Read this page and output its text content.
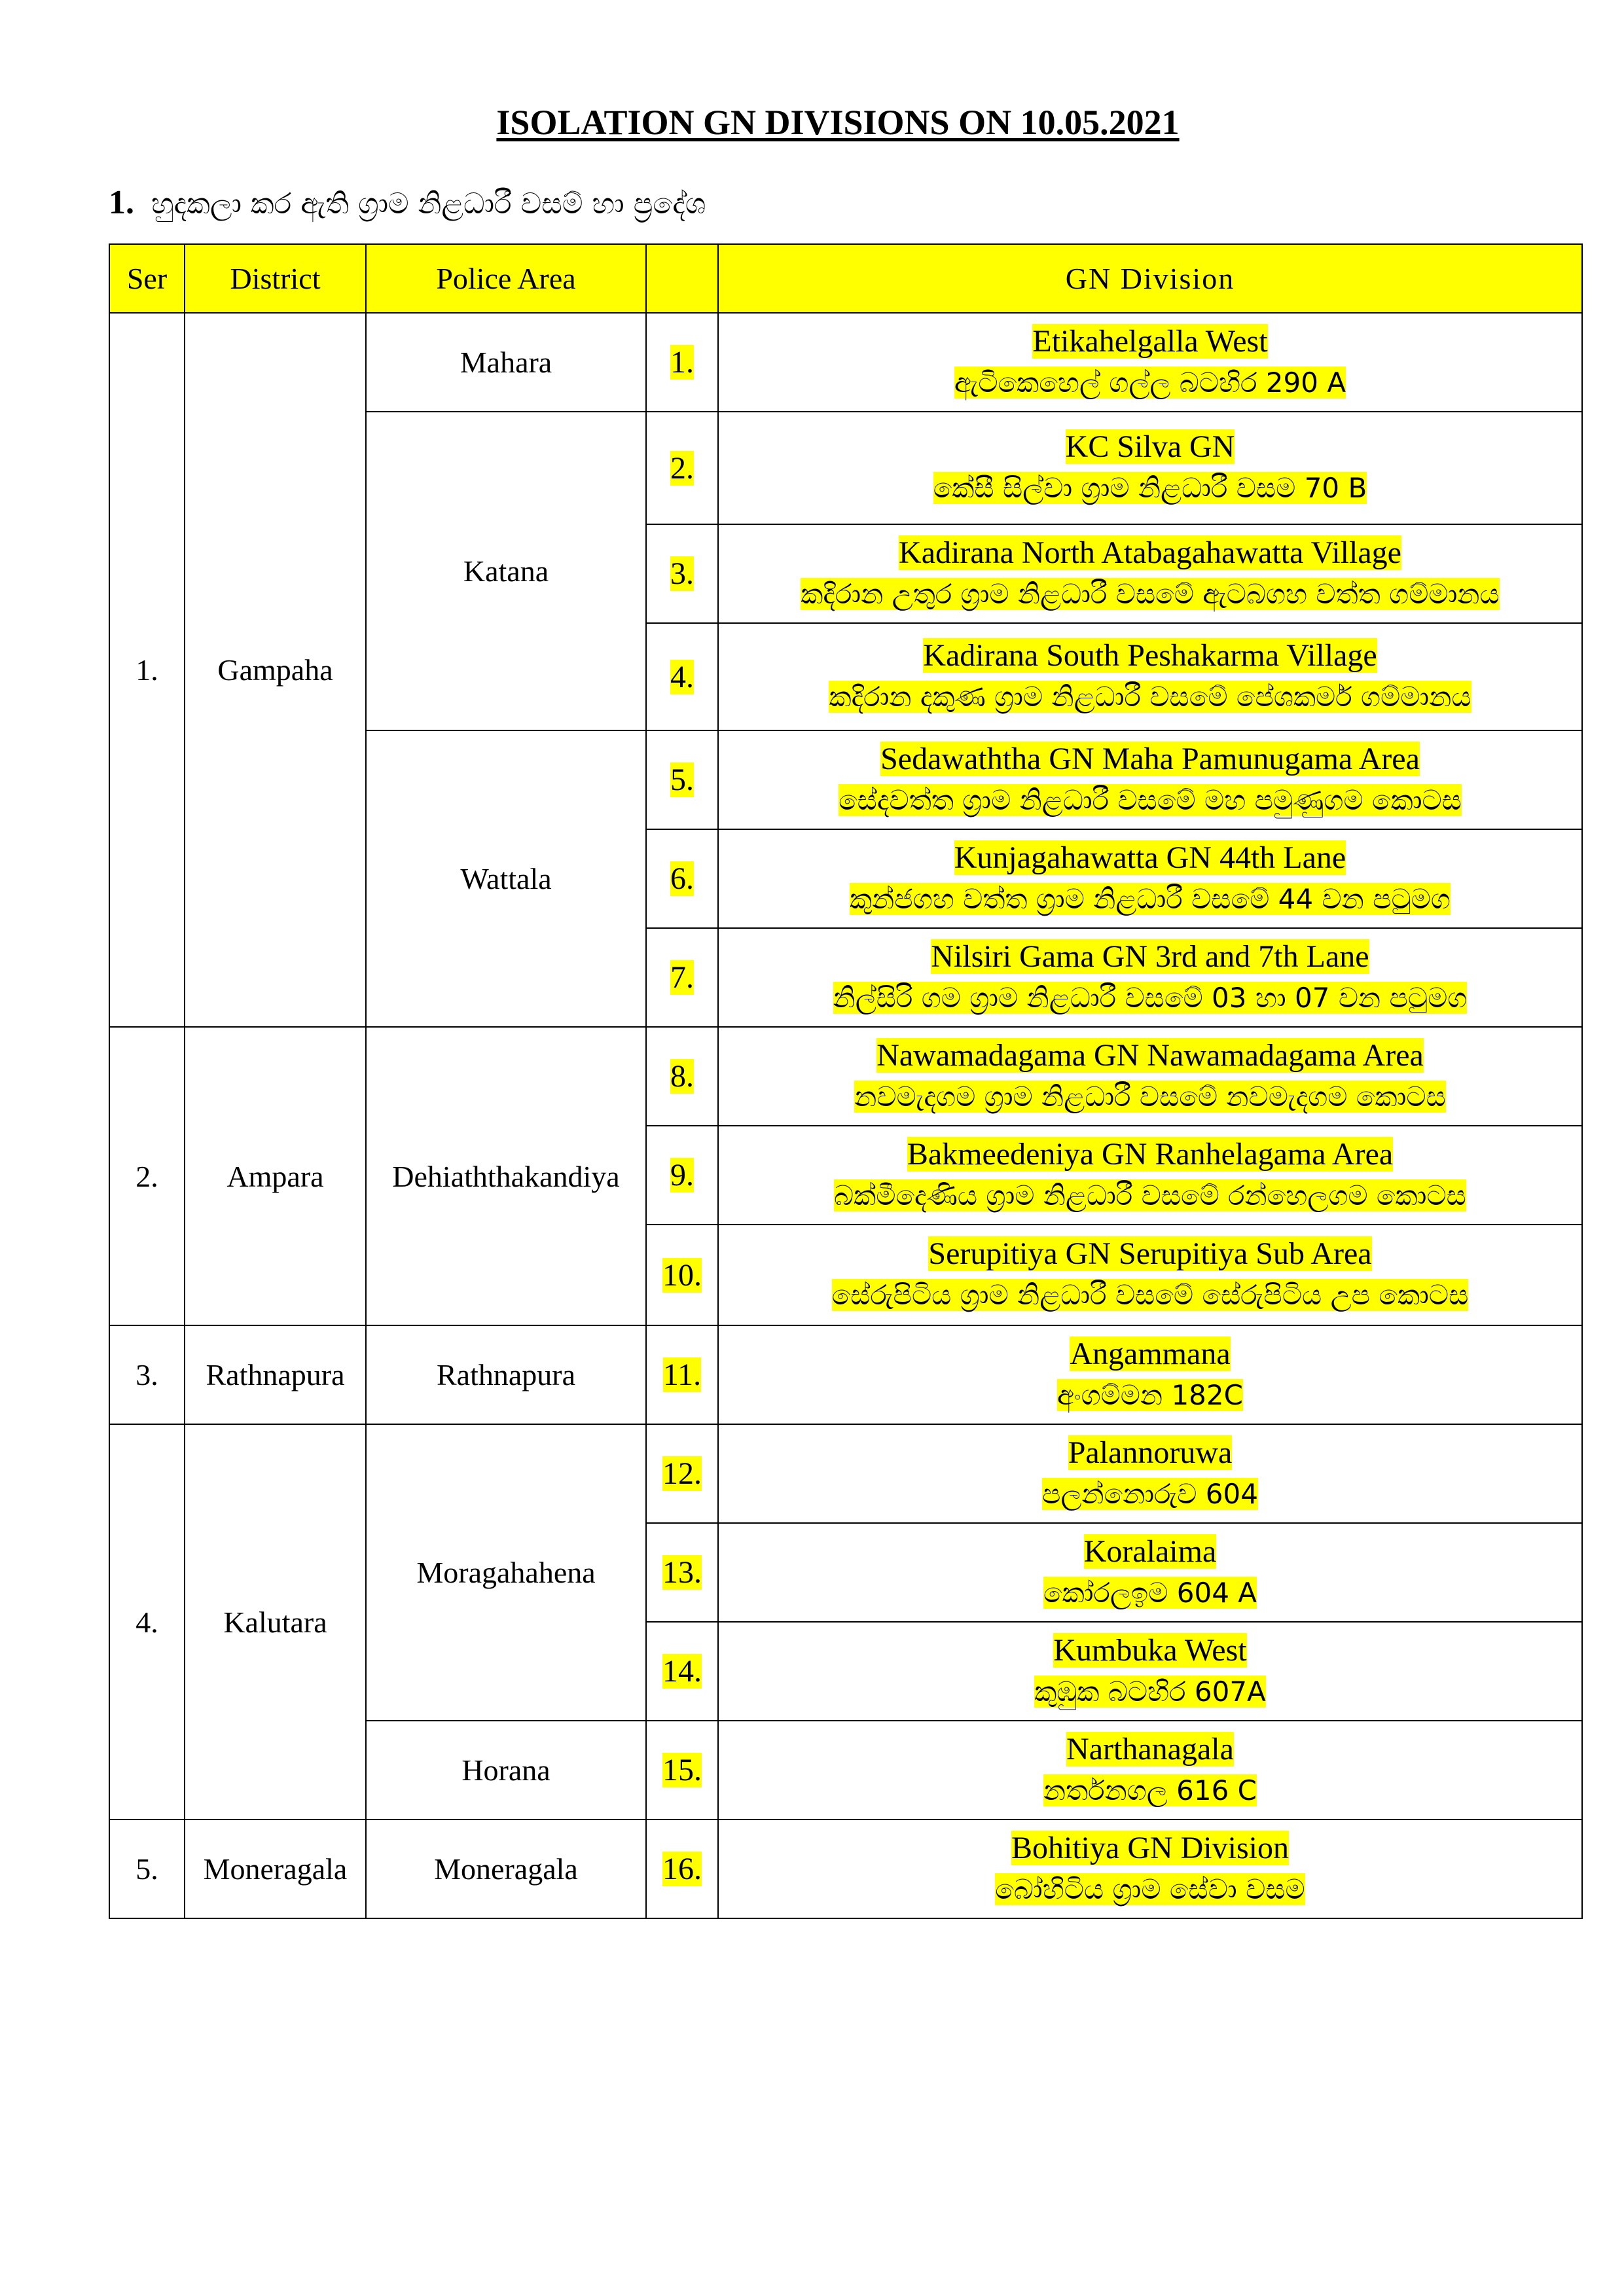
ISOLATION GN DIVISIONS ON 10.05.2021
1. හුදකලා කර ඇති ග්‍රාම නිළධාරී වසම් හා ප්‍රදේශ
Ser	District	Police Area		GN Division
1.	Gampaha	Mahara	1.	Etikahelgalla West
ඇටිකෙහෙල් ගල්ල බටහිර 290 A

		Katana	2.	KC Silva GN
කේසී සිල්වා ග්‍රාම නිළධාරී වසම 70 B

			3.	Kadirana North Atabagahawatta Village
කදිරාන උතුර ග්‍රාම නිළධාරී වසමේ ඇටබගහ වත්ත ගම්මානය

			4.	Kadirana South Peshakarma Village
කදිරාන දකුණ ග්‍රාම නිළධාරී වසමේ පේශකර්ම ගම්මානය

		Wattala	5.	Sedawaththa GN Maha Pamunugama Area
සේදවත්ත ග්‍රාම නිළධාරී වසමේ මහ පමුණුගම කොටස

			6.	Kunjagahawatta GN 44th Lane
කුන්ජගහ වත්ත ග්‍රාම නිළධාරී වසමේ 44 වන පටුමග

			7.	Nilsiri Gama GN 3rd and 7th Lane
නිල්සිරි ගම ග්‍රාම නිළධාරී වසමේ 03 හා 07 වන පටුමග

2.	Ampara	Dehiaththakandiya	8.	Nawamadagama GN Nawamadagama Area
නවමැදගම ග්‍රාම නිළධාරී වසමේ නවමැදගම කොටස

			9.	Bakmeedeniya GN Ranhelagama Area
බක්මීදෙණිය ග්‍රාම නිළධාරී වසමේ රන්හෙලගම කොටස

			10.	Serupitiya GN Serupitiya Sub Area
සේරුපිටිය ග්‍රාම නිළධාරී වසමේ සේරුපිටිය උප කොටස

3.	Rathnapura	Rathnapura	11.	Angammana
අංගම්මන 182C

4.	Kalutara	Moragahahena	12.	Palannoruwa
පලන්නොරුව 604

			13.	Koralaima
කෝරලඉම 604 A

			14.	Kumbuka West
කුඹුක බටහිර 607A

		Horana	15.	Narthanagala
නර්තනගල 616 C

5.	Moneragala	Moneragala	16.	Bohitiya GN Division
බෝහිටිය ග්‍රාම සේවා වසම
